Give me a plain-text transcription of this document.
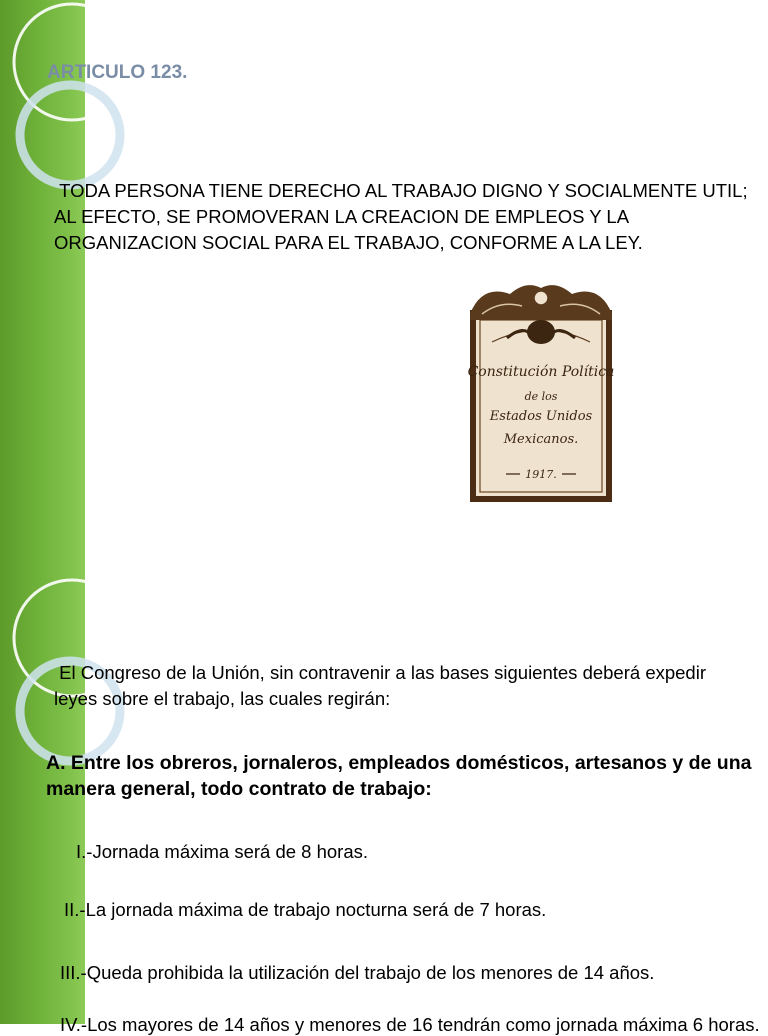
ARTICULO 123.
TODA PERSONA TIENE DERECHO AL TRABAJO DIGNO Y SOCIALMENTE UTIL; AL EFECTO, SE PROMOVERAN LA CREACION DE EMPLEOS Y LA ORGANIZACION SOCIAL PARA EL TRABAJO, CONFORME A LA LEY.
Constitución Política
de los
Estados Unidos
Mexicanos.
1917.
El Congreso de la Unión, sin contravenir a las bases siguientes deberá expedir leyes sobre el trabajo, las cuales regirán:
A. Entre los obreros, jornaleros, empleados domésticos, artesanos y de una manera general, todo contrato de trabajo:
I.-Jornada máxima será de 8 horas.
II.-La jornada máxima de trabajo nocturna será de 7 horas.
III.-Queda prohibida la utilización del trabajo de los menores de 14 años.
IV.-Los mayores de 14 años y menores de 16 tendrán como jornada máxima 6 horas.
